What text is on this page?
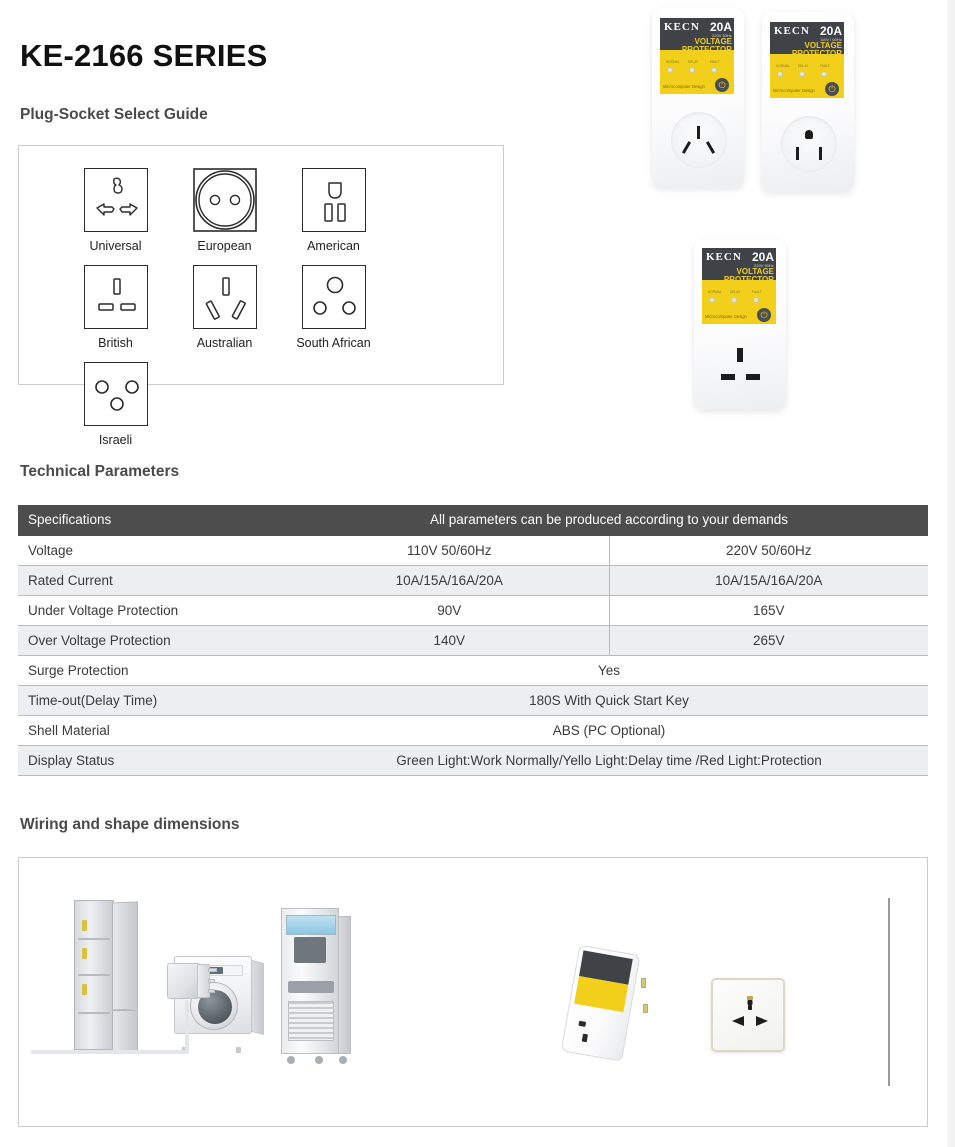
KE-2166 SERIES
Plug-Socket Select Guide
Universal	European	American
British	Australian	South African
Israeli
KECN 20A
220V 50Hz
VOLTAGE
PROTECTOR
NORMAL	DELAY	FAULT
Microcomputer Design	⏻
KECN 20A
110V / 60Hz
VOLTAGE
PROTECTOR
NORMAL	DELAY	FAULT
Microcomputer Design	⏻
KECN 20A
220V 50Hz
VOLTAGE
PROTECTOR
NORMAL	DELAY	FAULT
Microcomputer Design	⏻
Technical Parameters
Specifications	All parameters can be produced according to your demands	
Voltage	110V 50/60Hz	220V 50/60Hz
Rated Current	10A/15A/16A/20A	10A/15A/16A/20A
Under Voltage Protection	90V	165V
Over Voltage Protection	140V	265V
Surge Protection	Yes	
Time-out(Delay Time)	180S With Quick Start Key	
Shell Material	ABS (PC Optional)	
Display Status	Green Light:Work Normally/Yello Light:Delay time /Red Light:Protection	
Wiring and shape dimensions
